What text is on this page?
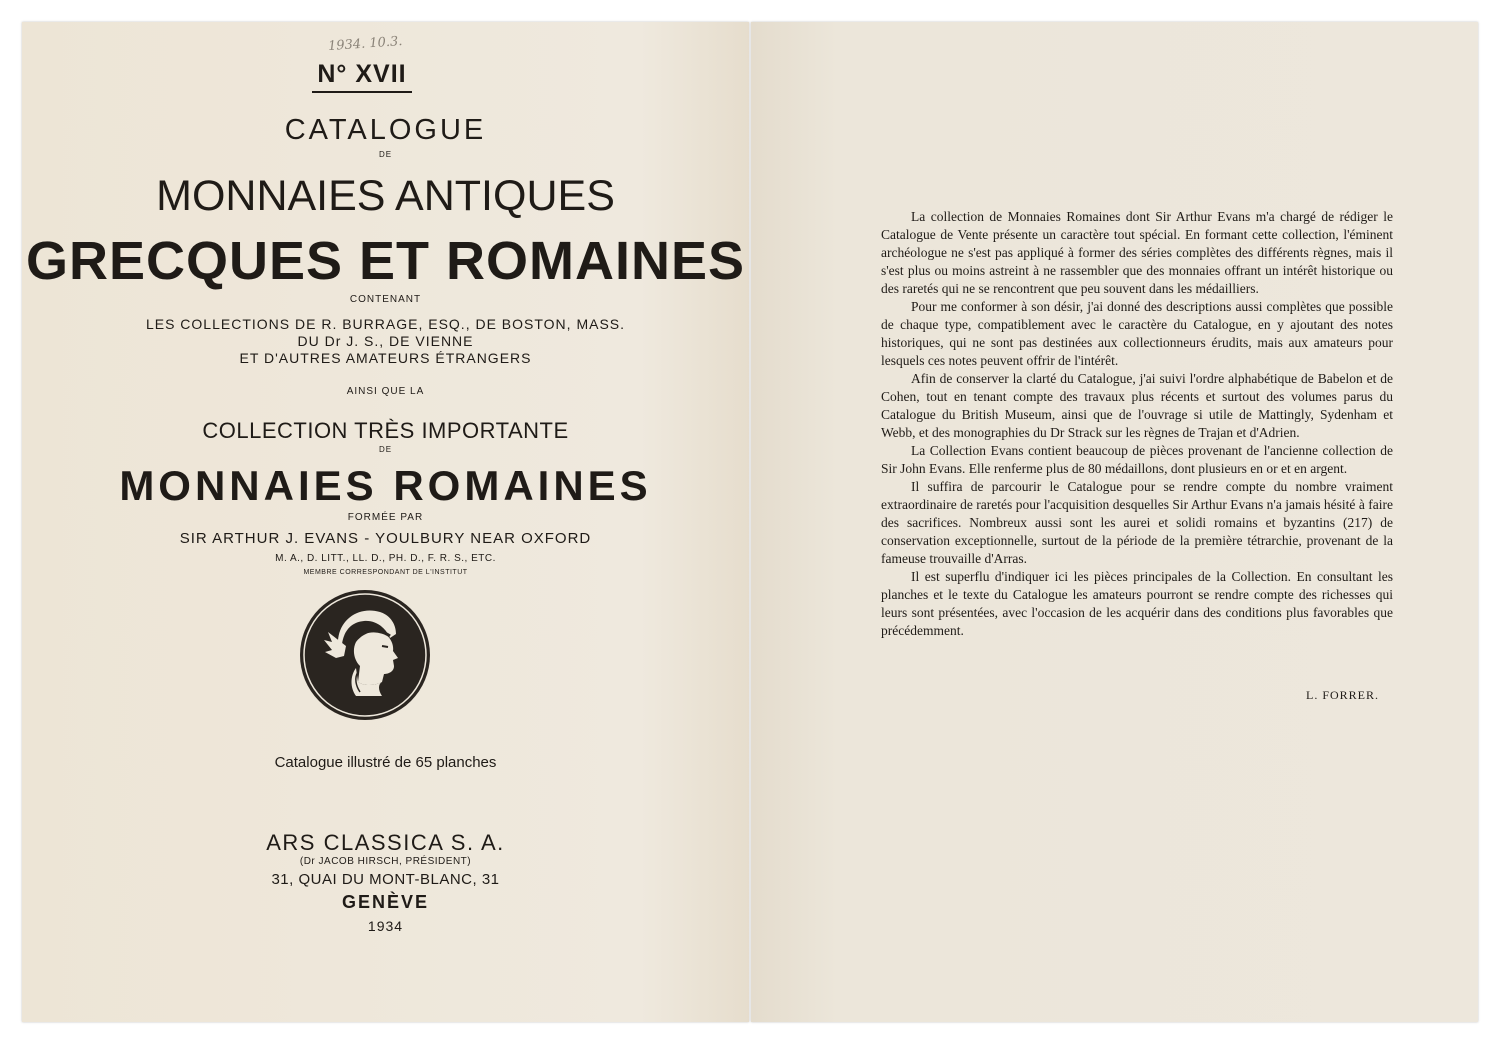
1934. 10.3.
N° XVII
CATALOGUE
DE
MONNAIES ANTIQUES
GRECQUES ET ROMAINES
CONTENANT
LES COLLECTIONS DE R. BURRAGE, ESQ., DE BOSTON, MASS.
DU Dr J. S., DE VIENNE
ET D'AUTRES AMATEURS ÉTRANGERS
AINSI QUE LA
COLLECTION TRÈS IMPORTANTE
DE
MONNAIES ROMAINES
FORMÉE PAR
SIR ARTHUR J. EVANS - YOULBURY NEAR OXFORD
M. A., D. LITT., LL. D., PH. D., F. R. S., ETC.
MEMBRE CORRESPONDANT DE L'INSTITUT
Catalogue illustré de 65 planches
ARS CLASSICA S. A.
(Dr JACOB HIRSCH, PRÉSIDENT)
31, QUAI DU MONT-BLANC, 31
GENÈVE
1934

La collection de Monnaies Romaines dont Sir Arthur Evans m'a chargé de rédiger le Catalogue de Vente présente un caractère tout spécial. En formant cette collection, l'éminent archéologue ne s'est pas appliqué à former des séries complètes des différents règnes, mais il s'est plus ou moins astreint à ne rassembler que des monnaies offrant un intérêt historique ou des raretés qui ne se rencontrent que peu souvent dans les médailliers.

Pour me conformer à son désir, j'ai donné des descriptions aussi complètes que possible de chaque type, compatiblement avec le caractère du Catalogue, en y ajoutant des notes historiques, qui ne sont pas destinées aux collectionneurs érudits, mais aux amateurs pour lesquels ces notes peuvent offrir de l'intérêt.

Afin de conserver la clarté du Catalogue, j'ai suivi l'ordre alphabétique de Babelon et de Cohen, tout en tenant compte des travaux plus récents et surtout des volumes parus du Catalogue du British Museum, ainsi que de l'ouvrage si utile de Mattingly, Sydenham et Webb, et des monographies du Dr Strack sur les règnes de Trajan et d'Adrien.

La Collection Evans contient beaucoup de pièces provenant de l'ancienne collection de Sir John Evans. Elle renferme plus de 80 médaillons, dont plusieurs en or et en argent.

Il suffira de parcourir le Catalogue pour se rendre compte du nombre vraiment extraordinaire de raretés pour l'acquisition desquelles Sir Arthur Evans n'a jamais hésité à faire des sacrifices. Nombreux aussi sont les aurei et solidi romains et byzantins (217) de conservation exceptionnelle, surtout de la période de la première tétrarchie, provenant de la fameuse trouvaille d'Arras.

Il est superflu d'indiquer ici les pièces principales de la Collection. En consultant les planches et le texte du Catalogue les amateurs pourront se rendre compte des richesses qui leurs sont présentées, avec l'occasion de les acquérir dans des conditions plus favorables que précédemment.

L. FORRER.
